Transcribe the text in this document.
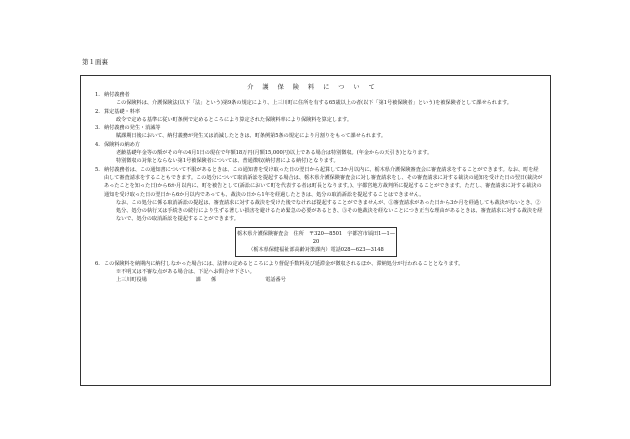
第１面裏
介護保険料について
1. 納付義務者
この保険料は、介護保険法(以下「法」という)第9条の規定により、上三川町に住所を有する65歳以上の者(以下「第1号被保険者」という)を被保険者として課せられます。
2. 算定基礎・料率
政令で定める基準に従い町条例で定めるところにより算定された保険料率により保険料を算定します。
3. 納付義務の発生・消滅等
賦課期日後において、納付義務が発生又は消滅したときは、町条例第5条の規定により月割りをもって課せられます。
4. 保険料の納め方
老齢基礎年金等の額がその年の4月1日の現在で年額18万円(月額15,000円)以上である場合は特別徴収。(年金からの天引き)となります。
特別徴収の対象とならない第1号被保険者については、普通徴収(納付書による納付)となります。
5. 納付義務者は、この通知書について不服があるときは、この通知書を受け取った日の翌日から起算して3か月以内に、栃木県介護保険審査会に審査請求をすることができます。なお、町を経由して審査請求をすることもできます。この処分について取消訴訟を提起する場合は、栃木県介護保険審査会に対し審査請求をし、その審査請求に対する裁決の通知を受けた日の翌日(裁決があったことを知った日)から6か月以内に、町を被告として(訴訟において町を代表する者は町長となります。)、宇都宮地方裁判所に提起することができます。ただし、審査請求に対する裁決の通知を受け取った日の翌日から6か月以内であっても、裁決の日から1年を経過したときは、処分の取消訴訟を提起することはできません。
なお、この処分に係る取消訴訟の提起は、審査請求に対する裁決を受けた後でなければ提起することができませんが、①審査請求があった日から3か月を経過しても裁決がないとき、②処分、処分の執行又は手続きの続行により生ずる著しい損害を避けるため緊急の必要があるとき、③その他裁決を経ないことにつき正当な理由があるときは、審査請求に対する裁決を経ないで、処分の取消訴訟を提起することができます。
栃木県介護保険審査会　住所　〒320—8501　宇都宮市塙田1—1—20
（栃木県保健福祉部高齢対策課内）電話028—623—3148
6. この保険料を納期内に納付しなかった場合には、法律の定めるところにより督促手数料及び延滞金が徴収されるほか、滞納処分が行われることとなります。
※不明又は不審な点がある場合は、下記へお問合せ下さい。
上三川町役場	課　　係	電話番号
